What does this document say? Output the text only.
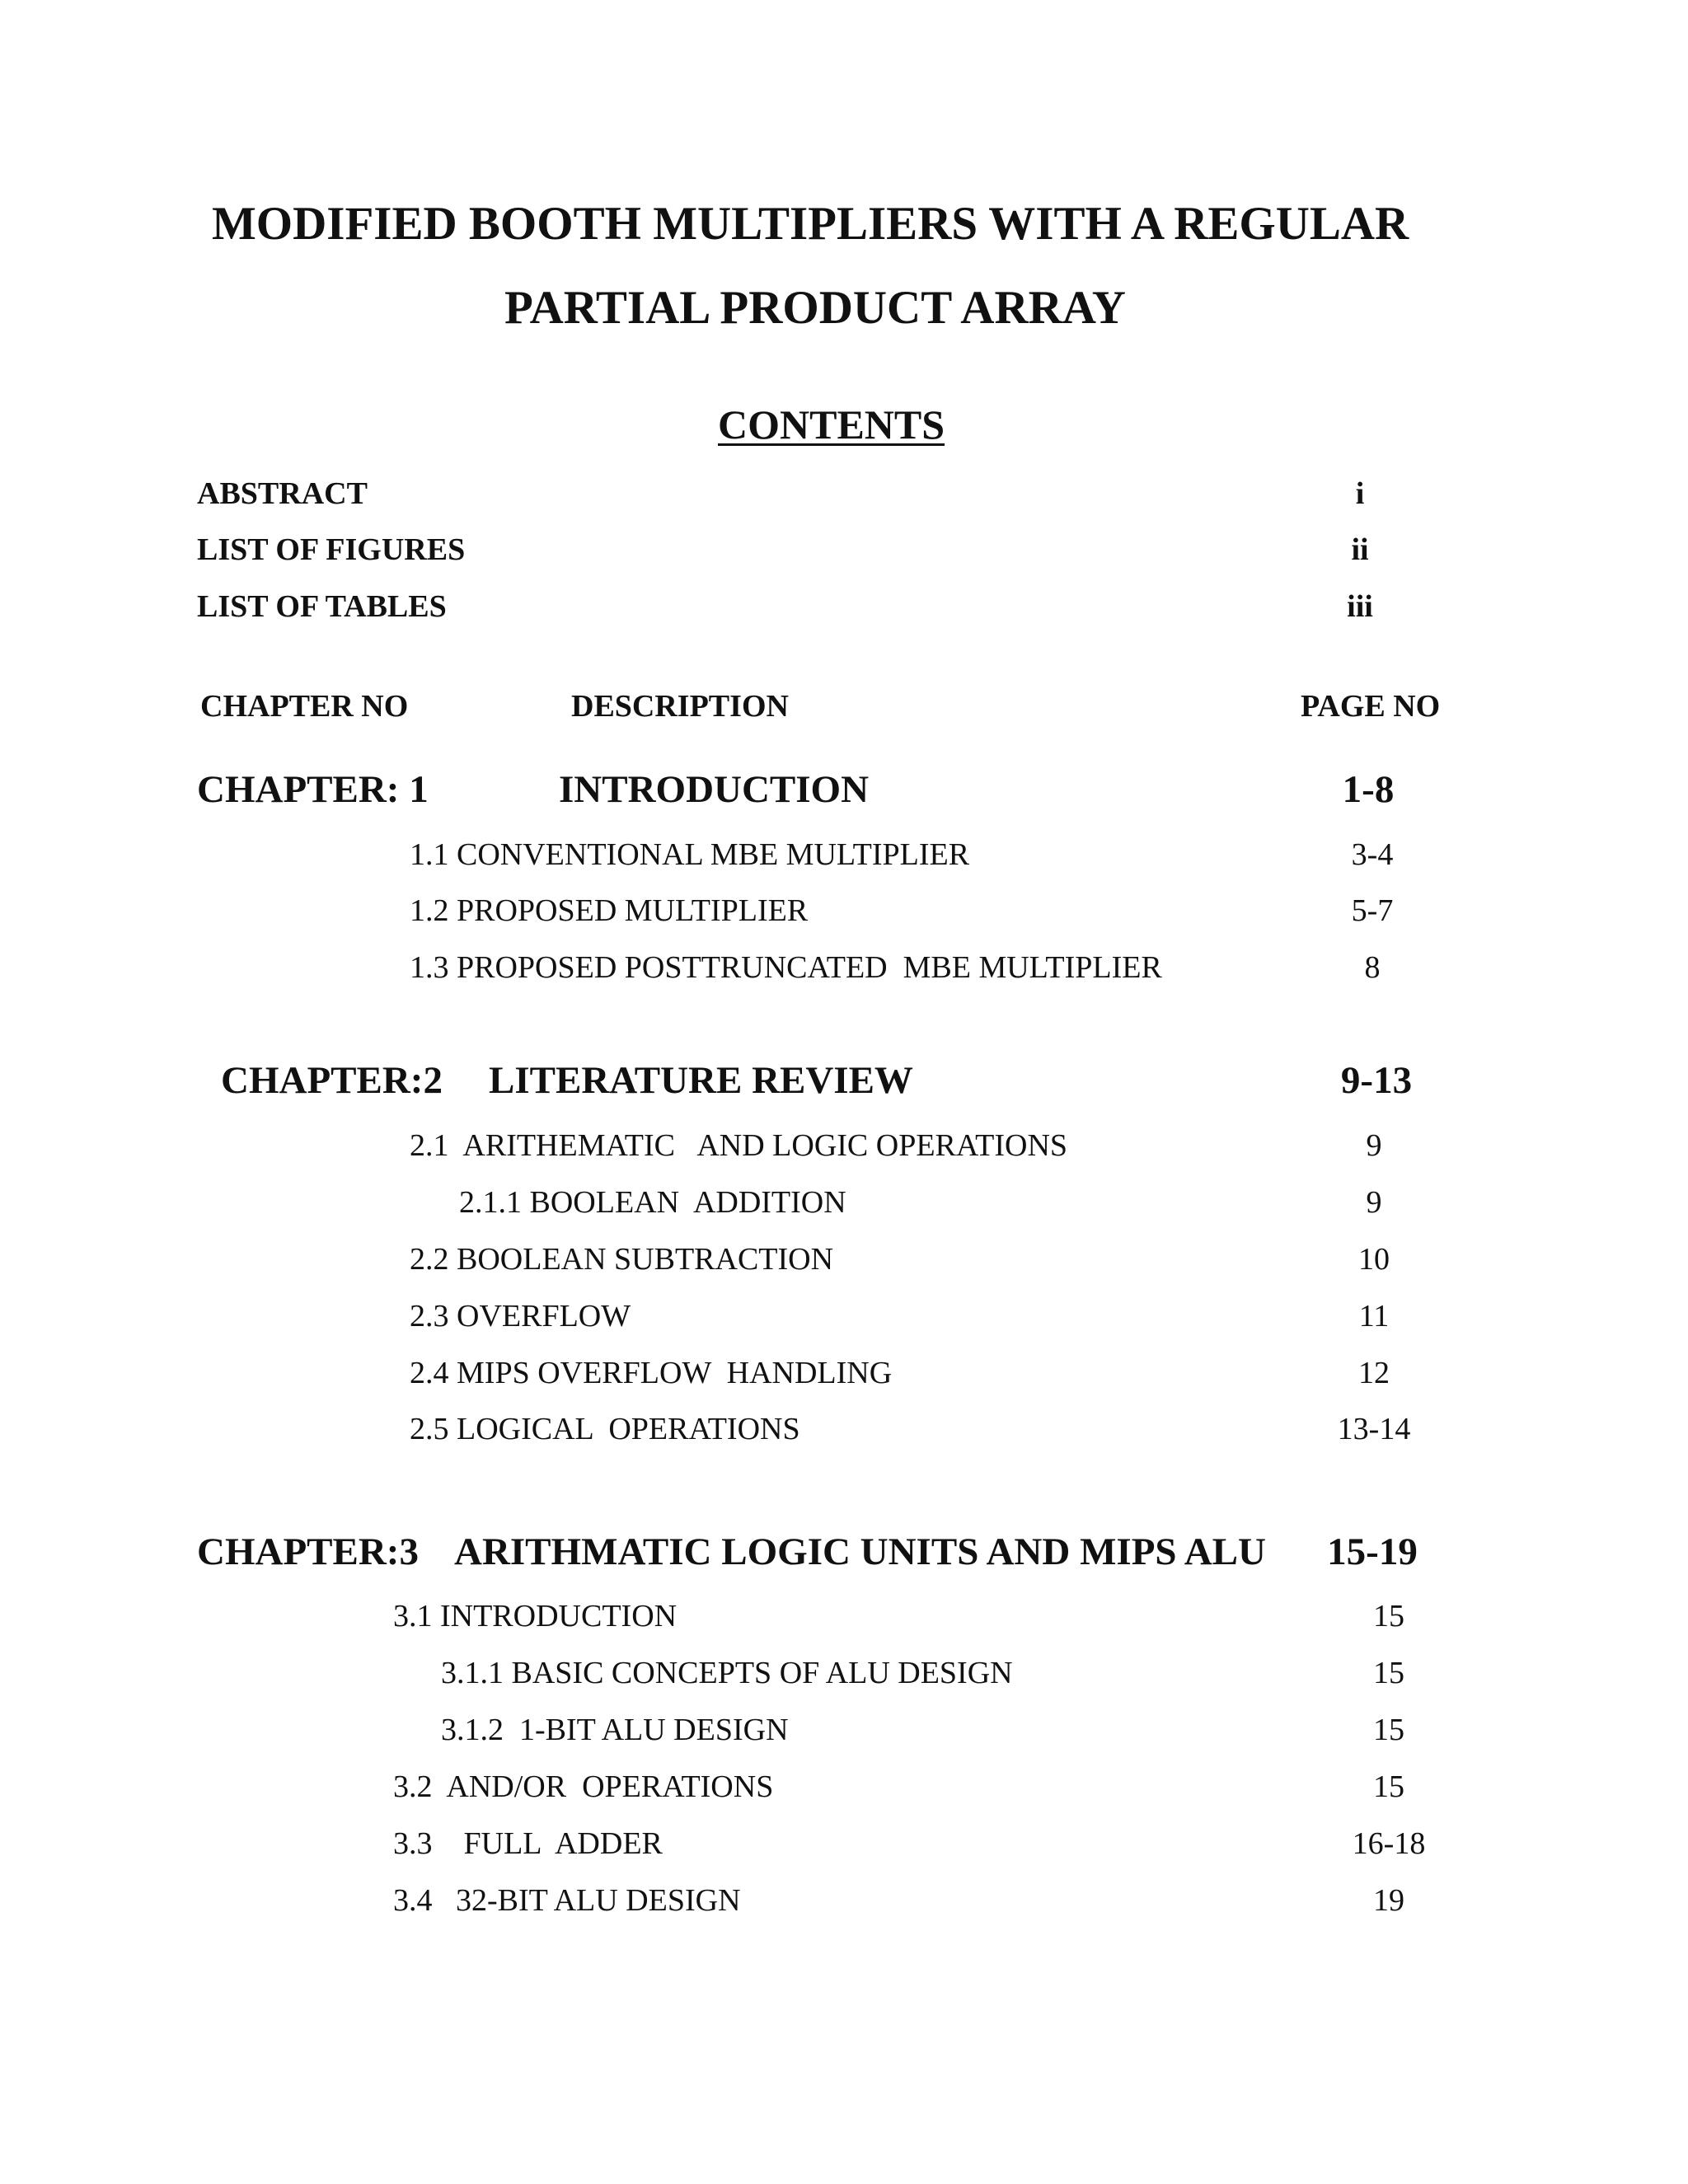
MODIFIED BOOTH MULTIPLIERS WITH A REGULAR
PARTIAL PRODUCT ARRAY
CONTENTS
ABSTRACT	i
LIST OF FIGURES	ii
LIST OF TABLES	iii
CHAPTER NO	DESCRIPTION	PAGE NO
CHAPTER: 1	INTRODUCTION	1-8
1.1 CONVENTIONAL MBE MULTIPLIER	3-4
1.2 PROPOSED MULTIPLIER	5-7
1.3 PROPOSED POSTTRUNCATED  MBE MULTIPLIER	8
CHAPTER:2 LITERATURE REVIEW	9-13
2.1  ARITHEMATIC   AND LOGIC OPERATIONS	9
2.1.1 BOOLEAN  ADDITION	9
2.2 BOOLEAN SUBTRACTION	10
2.3 OVERFLOW	11
2.4 MIPS OVERFLOW  HANDLING	12
2.5 LOGICAL  OPERATIONS	13-14
CHAPTER:3 ARITHMATIC LOGIC UNITS AND MIPS ALU	15-19
3.1 INTRODUCTION	15
3.1.1 BASIC CONCEPTS OF ALU DESIGN	15
3.1.2  1-BIT ALU DESIGN	15
3.2  AND/OR  OPERATIONS	15
3.3    FULL  ADDER	16-18
3.4   32-BIT ALU DESIGN	19
